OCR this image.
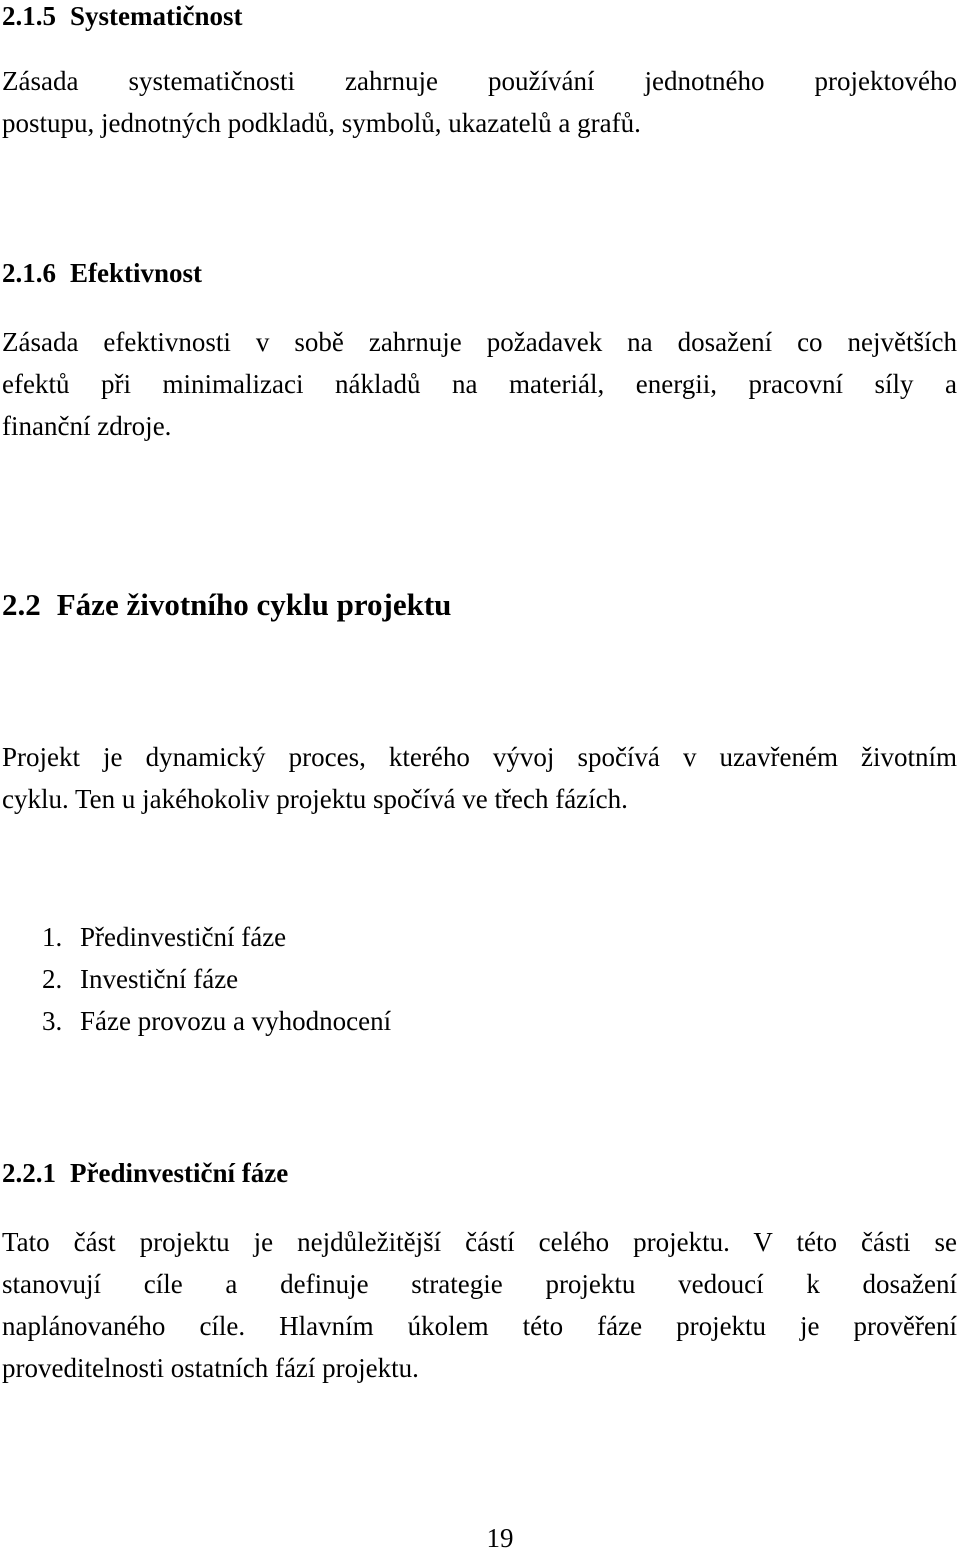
2.1.5 Systematičnost

Zásada systematičnosti zahrnuje používání jednotného projektového
postupu, jednotných podkladů, symbolů, ukazatelů a grafů.

2.1.6 Efektivnost

Zásada efektivnosti v sobě zahrnuje požadavek na dosažení co největších
efektů při minimalizaci nákladů na materiál, energii, pracovní síly a
finanční zdroje.

2.2 Fáze životního cyklu projektu

Projekt je dynamický proces, kterého vývoj spočívá v uzavřeném životním
cyklu. Ten u jakéhokoliv projektu spočívá ve třech fázích.

1. Předinvestiční fáze
2. Investiční fáze
3. Fáze provozu a vyhodnocení
2.2.1 Předinvestiční fáze

Tato část projektu je nejdůležitější částí celého projektu. V této části se
stanovují cíle a definuje strategie projektu vedoucí k dosažení
naplánovaného cíle. Hlavním úkolem této fáze projektu je prověření
proveditelnosti ostatních fází projektu.

19
